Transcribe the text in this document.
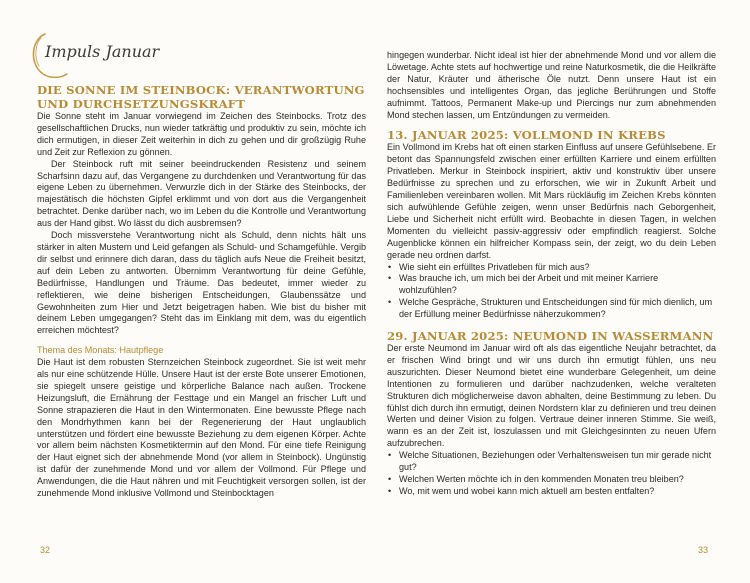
Impuls Januar
DIE SONNE IM STEINBOCK: VERANTWORTUNG
UND DURCHSETZUNGSKRAFT

Die Sonne steht im Januar vorwiegend im Zeichen des Steinbocks. Trotz des gesellschaftlichen Drucks, nun wieder tatkräftig und produktiv zu sein, möchte ich dich ermutigen, in dieser Zeit weiterhin in dich zu gehen und dir großzügig Ruhe und Zeit zur Reflexion zu gönnen.

Der Steinbock ruft mit seiner beeindruckenden Resistenz und seinem Scharfsinn dazu auf, das Vergangene zu durchdenken und Verantwortung für das eigene Leben zu übernehmen. Verwurzle dich in der Stärke des Steinbocks, der majestätisch die höchsten Gipfel erklimmt und von dort aus die Vergangenheit betrachtet. Denke darüber nach, wo im Leben du die Kontrolle und Verantwortung aus der Hand gibst. Wo lässt du dich ausbremsen?

Doch missverstehe Verantwortung nicht als Schuld, denn nichts hält uns stärker in alten Mustern und Leid gefangen als Schuld- und Schamgefühle. Vergib dir selbst und erinnere dich daran, dass du täglich aufs Neue die Freiheit besitzt, auf dein Leben zu antworten. Übernimm Verantwortung für deine Gefühle, Bedürfnisse, Handlungen und Träume. Das bedeutet, immer wieder zu reflektieren, wie deine bisherigen Entscheidungen, Glaubenssätze und Gewohnheiten zum Hier und Jetzt beigetragen haben. Wie bist du bisher mit deinem Leben umgegangen? Steht das im Einklang mit dem, was du eigentlich erreichen möchtest?

Thema des Monats: Hautpflege

Die Haut ist dem robusten Sternzeichen Steinbock zugeordnet. Sie ist weit mehr als nur eine schützende Hülle. Unsere Haut ist der erste Bote unserer Emotionen, sie spiegelt unsere geistige und körperliche Balance nach außen. Trockene Heizungsluft, die Ernährung der Festtage und ein Mangel an frischer Luft und Sonne strapazieren die Haut in den Wintermonaten. Eine bewusste Pflege nach den Mondrhythmen kann bei der Regenerierung der Haut unglaublich unterstützen und fördert eine bewusste Beziehung zu dem eigenen Körper. Achte vor allem beim nächsten Kosmetiktermin auf den Mond. Für eine tiefe Reinigung der Haut eignet sich der abnehmende Mond (vor allem in Steinbock). Ungünstig ist dafür der zunehmende Mond und vor allem der Vollmond. Für Pflege und Anwendungen, die die Haut nähren und mit Feuchtigkeit versorgen sollen, ist der zunehmende Mond inklusive Vollmond und Steinbocktagen

32

hingegen wunderbar. Nicht ideal ist hier der abnehmende Mond und vor allem die Löwetage. Achte stets auf hochwertige und reine Naturkosmetik, die die Heilkräfte der Natur, Kräuter und ätherische Öle nutzt. Denn unsere Haut ist ein hochsensibles und intelligentes Organ, das jegliche Berührungen und Stoffe aufnimmt. Tattoos, Permanent Make-up und Piercings nur zum abnehmenden Mond stechen lassen, um Entzündungen zu vermeiden.

13. JANUAR 2025: VOLLMOND IN KREBS

Ein Vollmond im Krebs hat oft einen starken Einfluss auf unsere Gefühlsebene. Er betont das Spannungsfeld zwischen einer erfüllten Karriere und einem erfüllten Privatleben. Merkur in Steinbock inspiriert, aktiv und konstruktiv über unsere Bedürfnisse zu sprechen und zu erforschen, wie wir in Zukunft Arbeit und Familienleben vereinbaren wollen. Mit Mars rückläufig im Zeichen Krebs könnten sich aufwühlende Gefühle zeigen, wenn unser Bedürfnis nach Geborgenheit, Liebe und Sicherheit nicht erfüllt wird. Beobachte in diesen Tagen, in welchen Momenten du vielleicht passiv-aggressiv oder empfindlich reagierst. Solche Augenblicke können ein hilfreicher Kompass sein, der zeigt, wo du dein Leben gerade neu ordnen darfst.

• Wie sieht ein erfülltes Privatleben für mich aus?
• Was brauche ich, um mich bei der Arbeit und mit meiner Karriere wohlzufühlen?
• Welche Gespräche, Strukturen und Entscheidungen sind für mich dienlich, um der Erfüllung meiner Bedürfnisse näherzukommen?
29. JANUAR 2025: NEUMOND IN WASSERMANN

Der erste Neumond im Januar wird oft als das eigentliche Neujahr betrachtet, da er frischen Wind bringt und wir uns durch ihn ermutigt fühlen, uns neu auszurichten. Dieser Neumond bietet eine wunderbare Gelegenheit, um deine Intentionen zu formulieren und darüber nachzudenken, welche veralteten Strukturen dich möglicherweise davon abhalten, deine Bestimmung zu leben. Du fühlst dich durch ihn ermutigt, deinen Nordstern klar zu definieren und treu deinen Werten und deiner Vision zu folgen. Vertraue deiner inneren Stimme. Sie weiß, wann es an der Zeit ist, loszulassen und mit Gleichgesinnten zu neuen Ufern aufzubrechen.

• Welche Situationen, Beziehungen oder Verhaltensweisen tun mir gerade nicht gut?
• Welchen Werten möchte ich in den kommenden Monaten treu bleiben?
• Wo, mit wem und wobei kann mich aktuell am besten entfalten?
33
